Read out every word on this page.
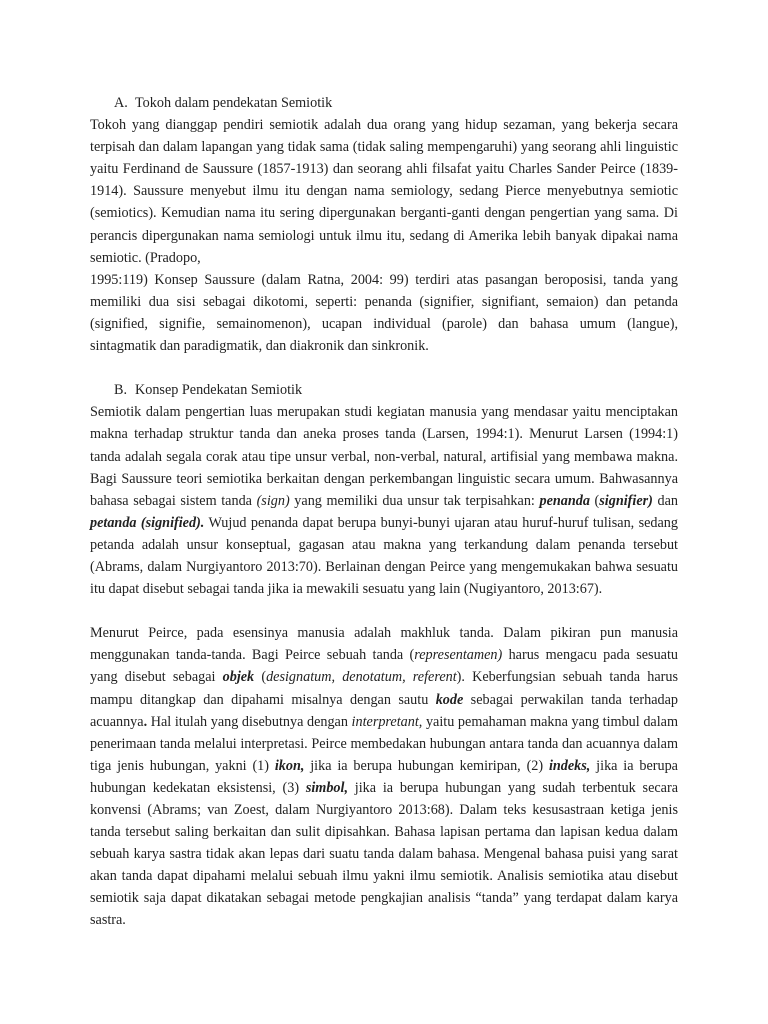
A. Tokoh dalam pendekatan Semiotik

Tokoh yang dianggap pendiri semiotik adalah dua orang yang hidup sezaman, yang bekerja secara terpisah dan dalam lapangan yang tidak sama (tidak saling mempengaruhi) yang seorang ahli linguistic yaitu Ferdinand de Saussure (1857-1913) dan seorang ahli filsafat yaitu Charles Sander Peirce (1839-1914). Saussure menyebut ilmu itu dengan nama semiology, sedang Pierce menyebutnya semiotic (semiotics). Kemudian nama itu sering dipergunakan berganti-ganti dengan pengertian yang sama. Di perancis dipergunakan nama semiologi untuk ilmu itu, sedang di Amerika lebih banyak dipakai nama semiotic. (Pradopo,

1995:119) Konsep Saussure (dalam Ratna, 2004: 99) terdiri atas pasangan beroposisi, tanda yang memiliki dua sisi sebagai dikotomi, seperti: penanda (signifier, signifiant, semaion) dan petanda (signified, signifie, semainomenon), ucapan individual (parole) dan bahasa umum (langue), sintagmatik dan paradigmatik, dan diakronik dan sinkronik.

B. Konsep Pendekatan Semiotik

Semiotik dalam pengertian luas merupakan studi kegiatan manusia yang mendasar yaitu menciptakan makna terhadap struktur tanda dan aneka proses tanda (Larsen, 1994:1). Menurut Larsen (1994:1) tanda adalah segala corak atau tipe unsur verbal, non-verbal, natural, artifisial yang membawa makna. Bagi Saussure teori semiotika berkaitan dengan perkembangan linguistic secara umum. Bahwasannya bahasa sebagai sistem tanda (sign) yang memiliki dua unsur tak terpisahkan: penanda (signifier) dan petanda (signified). Wujud penanda dapat berupa bunyi-bunyi ujaran atau huruf-huruf tulisan, sedang petanda adalah unsur konseptual, gagasan atau makna yang terkandung dalam penanda tersebut (Abrams, dalam Nurgiyantoro 2013:70). Berlainan dengan Peirce yang mengemukakan bahwa sesuatu itu dapat disebut sebagai tanda jika ia mewakili sesuatu yang lain (Nugiyantoro, 2013:67).

Menurut Peirce, pada esensinya manusia adalah makhluk tanda. Dalam pikiran pun manusia menggunakan tanda-tanda. Bagi Peirce sebuah tanda (representamen) harus mengacu pada sesuatu yang disebut sebagai objek (designatum, denotatum, referent). Keberfungsian sebuah tanda harus mampu ditangkap dan dipahami misalnya dengan sautu kode sebagai perwakilan tanda terhadap acuannya. Hal itulah yang disebutnya dengan interpretant, yaitu pemahaman makna yang timbul dalam penerimaan tanda melalui interpretasi. Peirce membedakan hubungan antara tanda dan acuannya dalam tiga jenis hubungan, yakni (1) ikon, jika ia berupa hubungan kemiripan, (2) indeks, jika ia berupa hubungan kedekatan eksistensi, (3) simbol, jika ia berupa hubungan yang sudah terbentuk secara konvensi (Abrams; van Zoest, dalam Nurgiyantoro 2013:68). Dalam teks kesusastraan ketiga jenis tanda tersebut saling berkaitan dan sulit dipisahkan. Bahasa lapisan pertama dan lapisan kedua dalam sebuah karya sastra tidak akan lepas dari suatu tanda dalam bahasa. Mengenal bahasa puisi yang sarat akan tanda dapat dipahami melalui sebuah ilmu yakni ilmu semiotik. Analisis semiotika atau disebut semiotik saja dapat dikatakan sebagai metode pengkajian analisis “tanda” yang terdapat dalam karya sastra.
